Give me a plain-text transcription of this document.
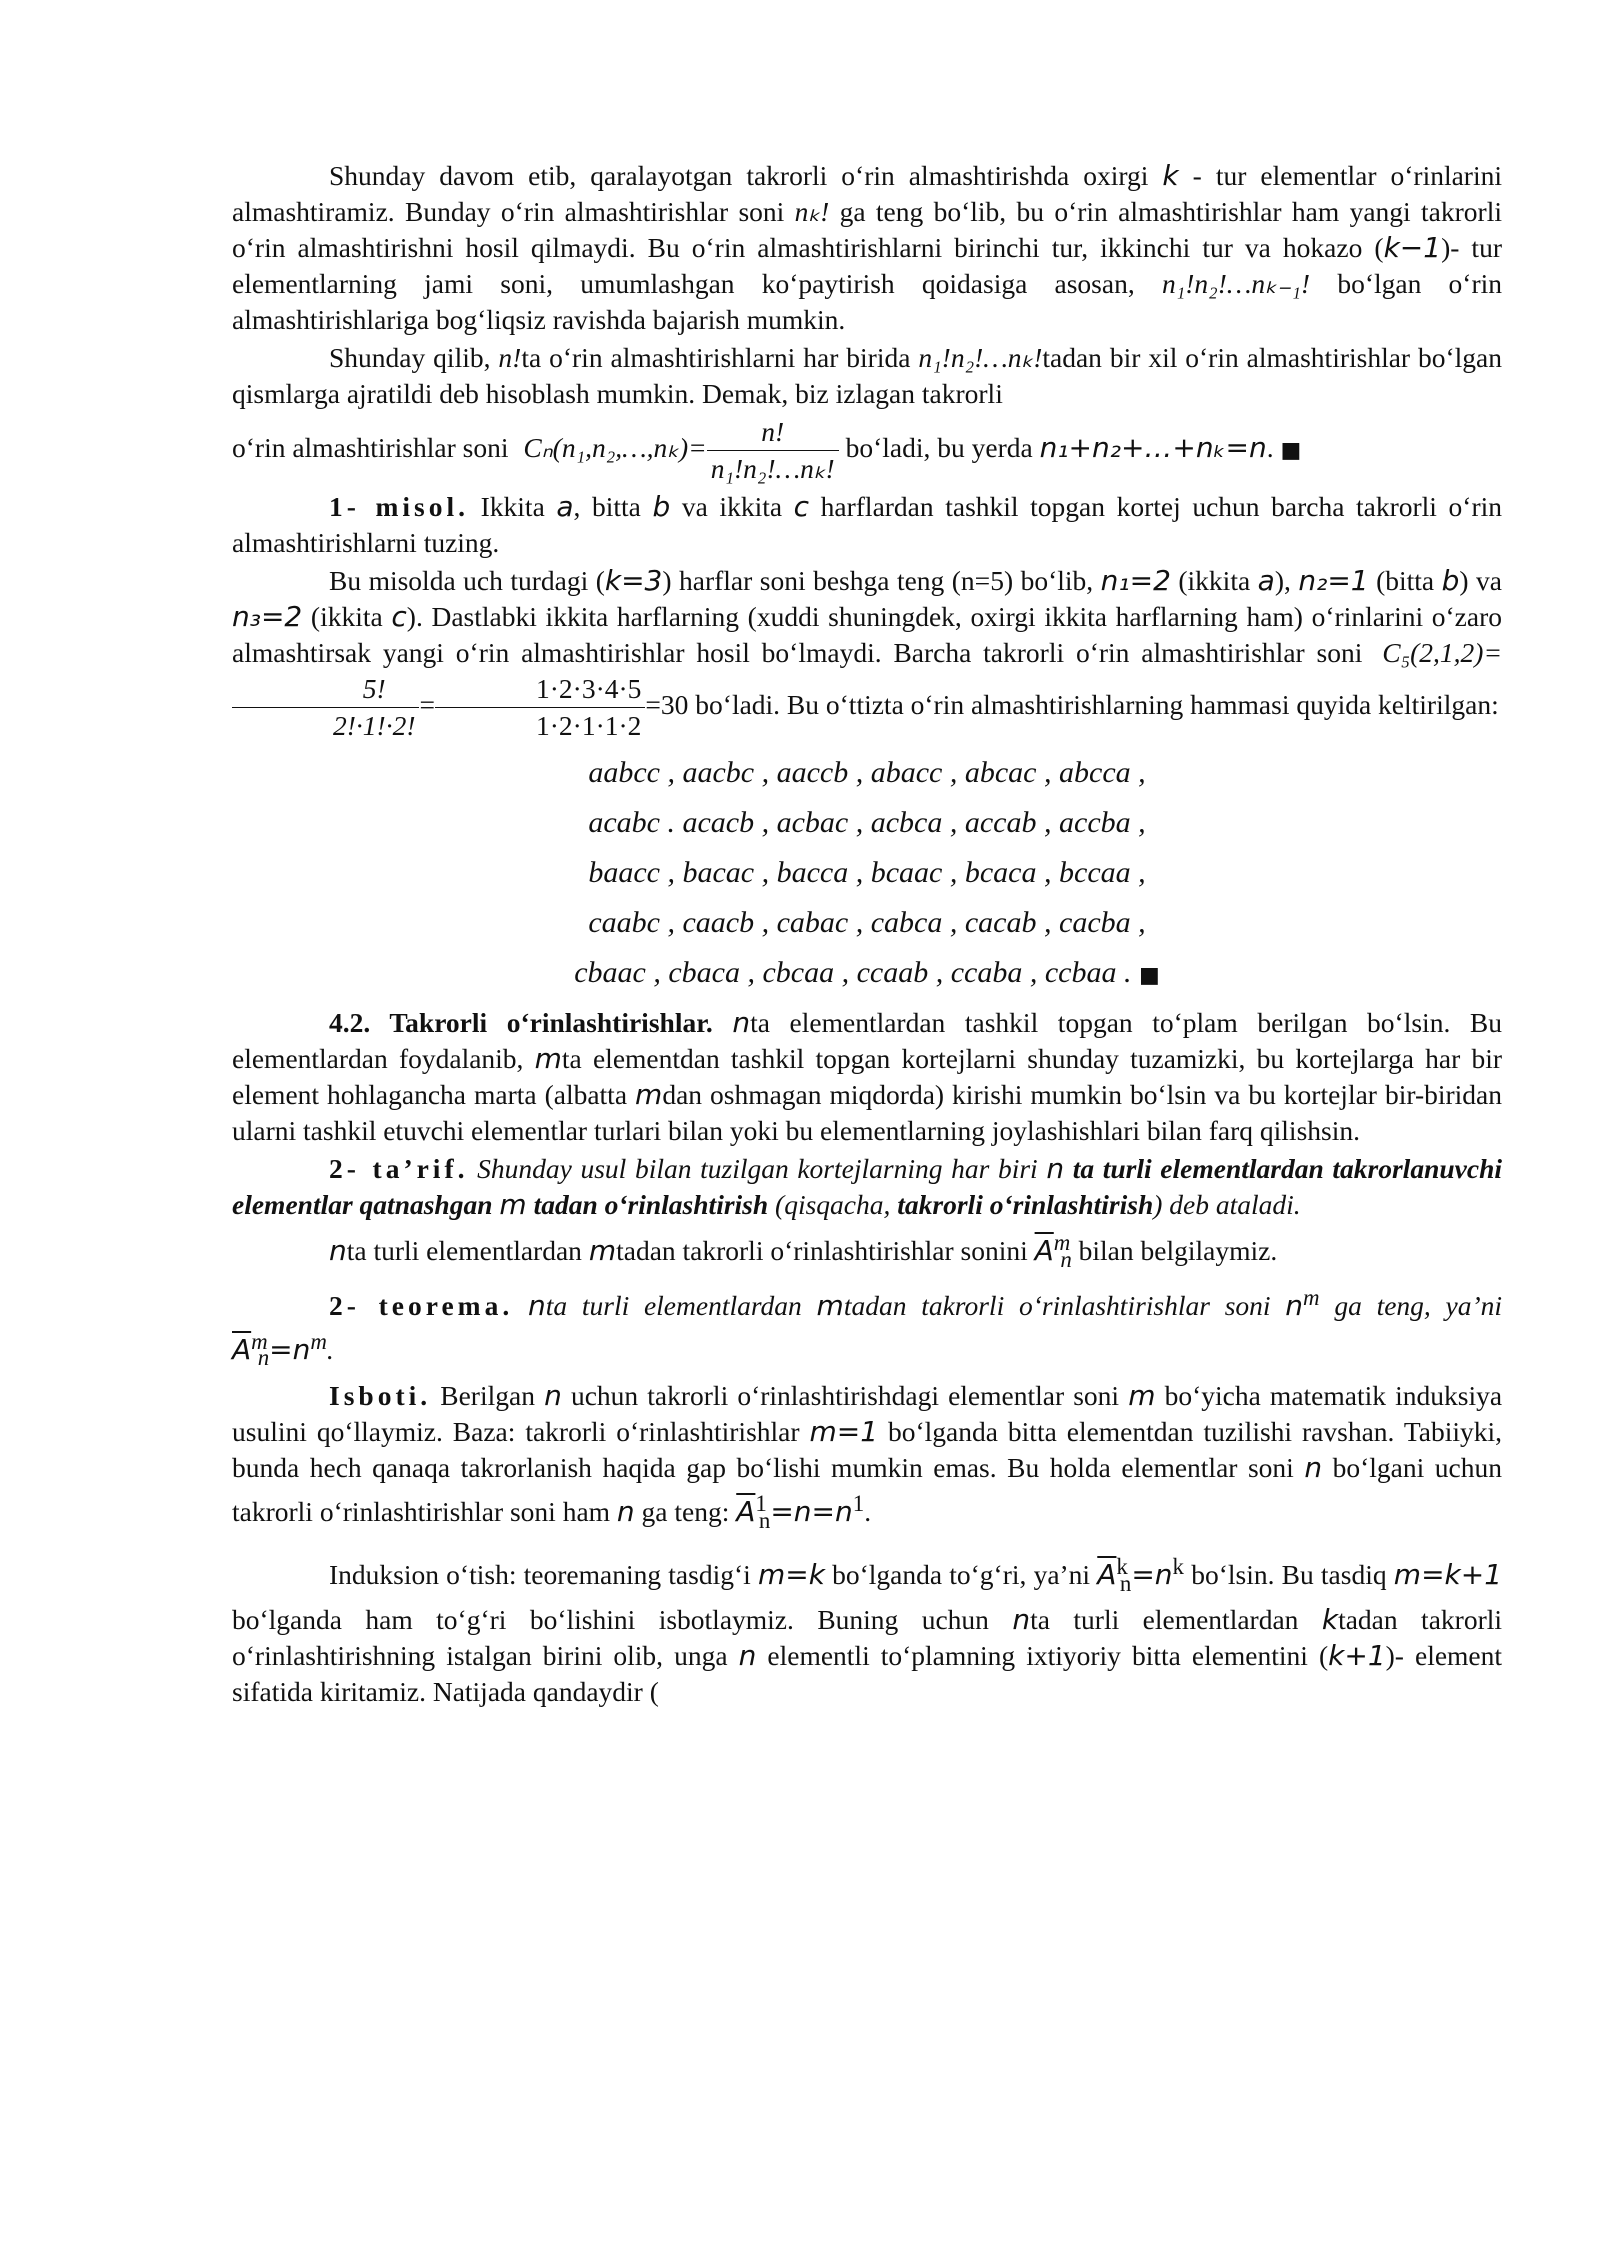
Shunday davom etib, qaralayotgan takrorli o‘rin almashtirishda oxirgi k - tur elementlar o‘rinlarini almashtiramiz. Bunday o‘rin almashtirishlar soni nₖ! ga teng bo‘lib, bu o‘rin almashtirishlar ham yangi takrorli o‘rin almashtirishni hosil qilmaydi. Bu o‘rin almashtirishlarni birinchi tur, ikkinchi tur va hokazo (k−1)- tur elementlarning jami soni, umumlashgan ko‘paytirish qoidasiga asosan, n₁!n₂!…nₖ₋₁! bo‘lgan o‘rin almashtirishlariga bog‘liqsiz ravishda bajarish mumkin.

Shunday qilib, n!ta o‘rin almashtirishlarni har birida n₁!n₂!…nₖ!tadan bir xil o‘rin almashtirishlar bo‘lgan qismlarga ajratildi deb hisoblash mumkin. Demak, biz izlagan takrorli

o‘rin almashtirishlar soni Cₙ(n₁,n₂,…,nₖ)= $\frac{n!}{\text{n₁!n₂!…nₖ!}}$ bo‘ladi, bu yerda n₁+n₂+…+nₖ=n. ■

1- misol. Ikkita a, bitta b va ikkita c harflardan tashkil topgan kortej uchun barcha takrorli o‘rin almashtirishlarni tuzing.

Bu misolda uch turdagi (k=3) harflar soni beshga teng (n=5) bo‘lib, n₁=2 (ikkita a), n₂=1 (bitta b) va n₃=2 (ikkita c). Dastlabki ikkita harflarning (xuddi shuningdek, oxirgi ikkita harflarning ham) o‘rinlarini o‘zaro almashtirsak yangi o‘rin almashtirishlar hosil bo‘lmaydi. Barcha takrorli o‘rin almashtirishlar soni C₅(2,1,2)=
$\frac{5!}{2!\cdot 1!\cdot 2!} = \frac{1\cdot 2\cdot 3\cdot 4\cdot 5}{1\cdot 2\cdot 1\cdot 1\cdot 2} =30$ bo‘ladi. Bu o‘ttizta o‘rin almashtirishlarning hammasi quyida keltirilgan:

aabcc , aacbc , aaccb , abacc , abcac , abcca ,
acabc . acacb , acbac , acbca , accab , accba ,
baacc , bacac , bacca , bcaac , bcaca , bccaa ,
caabc , caacb , cabac , cabca , cacab , cacba ,
cbaac , cbaca , cbcaa , ccaab , ccaba , ccbaa . ■

4.2. Takrorli o‘rinlashtirishlar. nta elementlardan tashkil topgan to‘plam berilgan bo‘lsin. Bu elementlardan foydalanib, mta elementdan tashkil topgan kortejlarni shunday tuzamizki, bu kortejlarga har bir element hohlagancha marta (albatta mdan oshmagan miqdorda) kirishi mumkin bo‘lsin va bu kortejlar bir-biridan ularni tashkil etuvchi elementlar turlari bilan yoki bu elementlarning joylashishlari bilan farq qilishsin.

2- ta’rif. Shunday usul bilan tuzilgan kortejlarning har biri n ta turli elementlardan takrorlanuvchi elementlar qatnashgan m tadan o‘rinlashtirish (qisqacha, takrorli o‘rinlashtirish) deb ataladi.

nta turli elementlardan mtadan takrorli o‘rinlashtirishlar sonini $\overline{A}^m_n$ bilan belgilaymiz.

2- teorema. nta turli elementlardan mtadan takrorli o‘rinlashtirishlar soni $n^m$ ga teng, ya’ni $\overline{A}^m_n=n^m$.

Isboti. Berilgan n uchun takrorli o‘rinlashtirishdagi elementlar soni m bo‘yicha matematik induksiya usulini qo‘llaymiz. Baza: takrorli o‘rinlashtirishlar m=1 bo‘lganda bitta elementdan tuzilishi ravshan. Tabiiyki, bunda hech qanaqa takrorlanish haqida gap bo‘lishi mumkin emas. Bu holda elementlar soni n bo‘lgani uchun takrorli o‘rinlashtirishlar soni ham n ga teng: $\overline{A}^1_n=n=n^1$.

Induksion o‘tish: teoremaning tasdig‘i m=k bo‘lganda to‘g‘ri, ya’ni $\overline{A}^k_n=n^k$ bo‘lsin. Bu tasdiq m=k+1 bo‘lganda ham to‘g‘ri bo‘lishini isbotlaymiz. Buning uchun nta turli elementlardan ktadan takrorli o‘rinlashtirishning istalgan birini olib, unga n elementli to‘plamning ixtiyoriy bitta elementini (k+1)- element sifatida kiritamiz. Natijada qandaydir (
